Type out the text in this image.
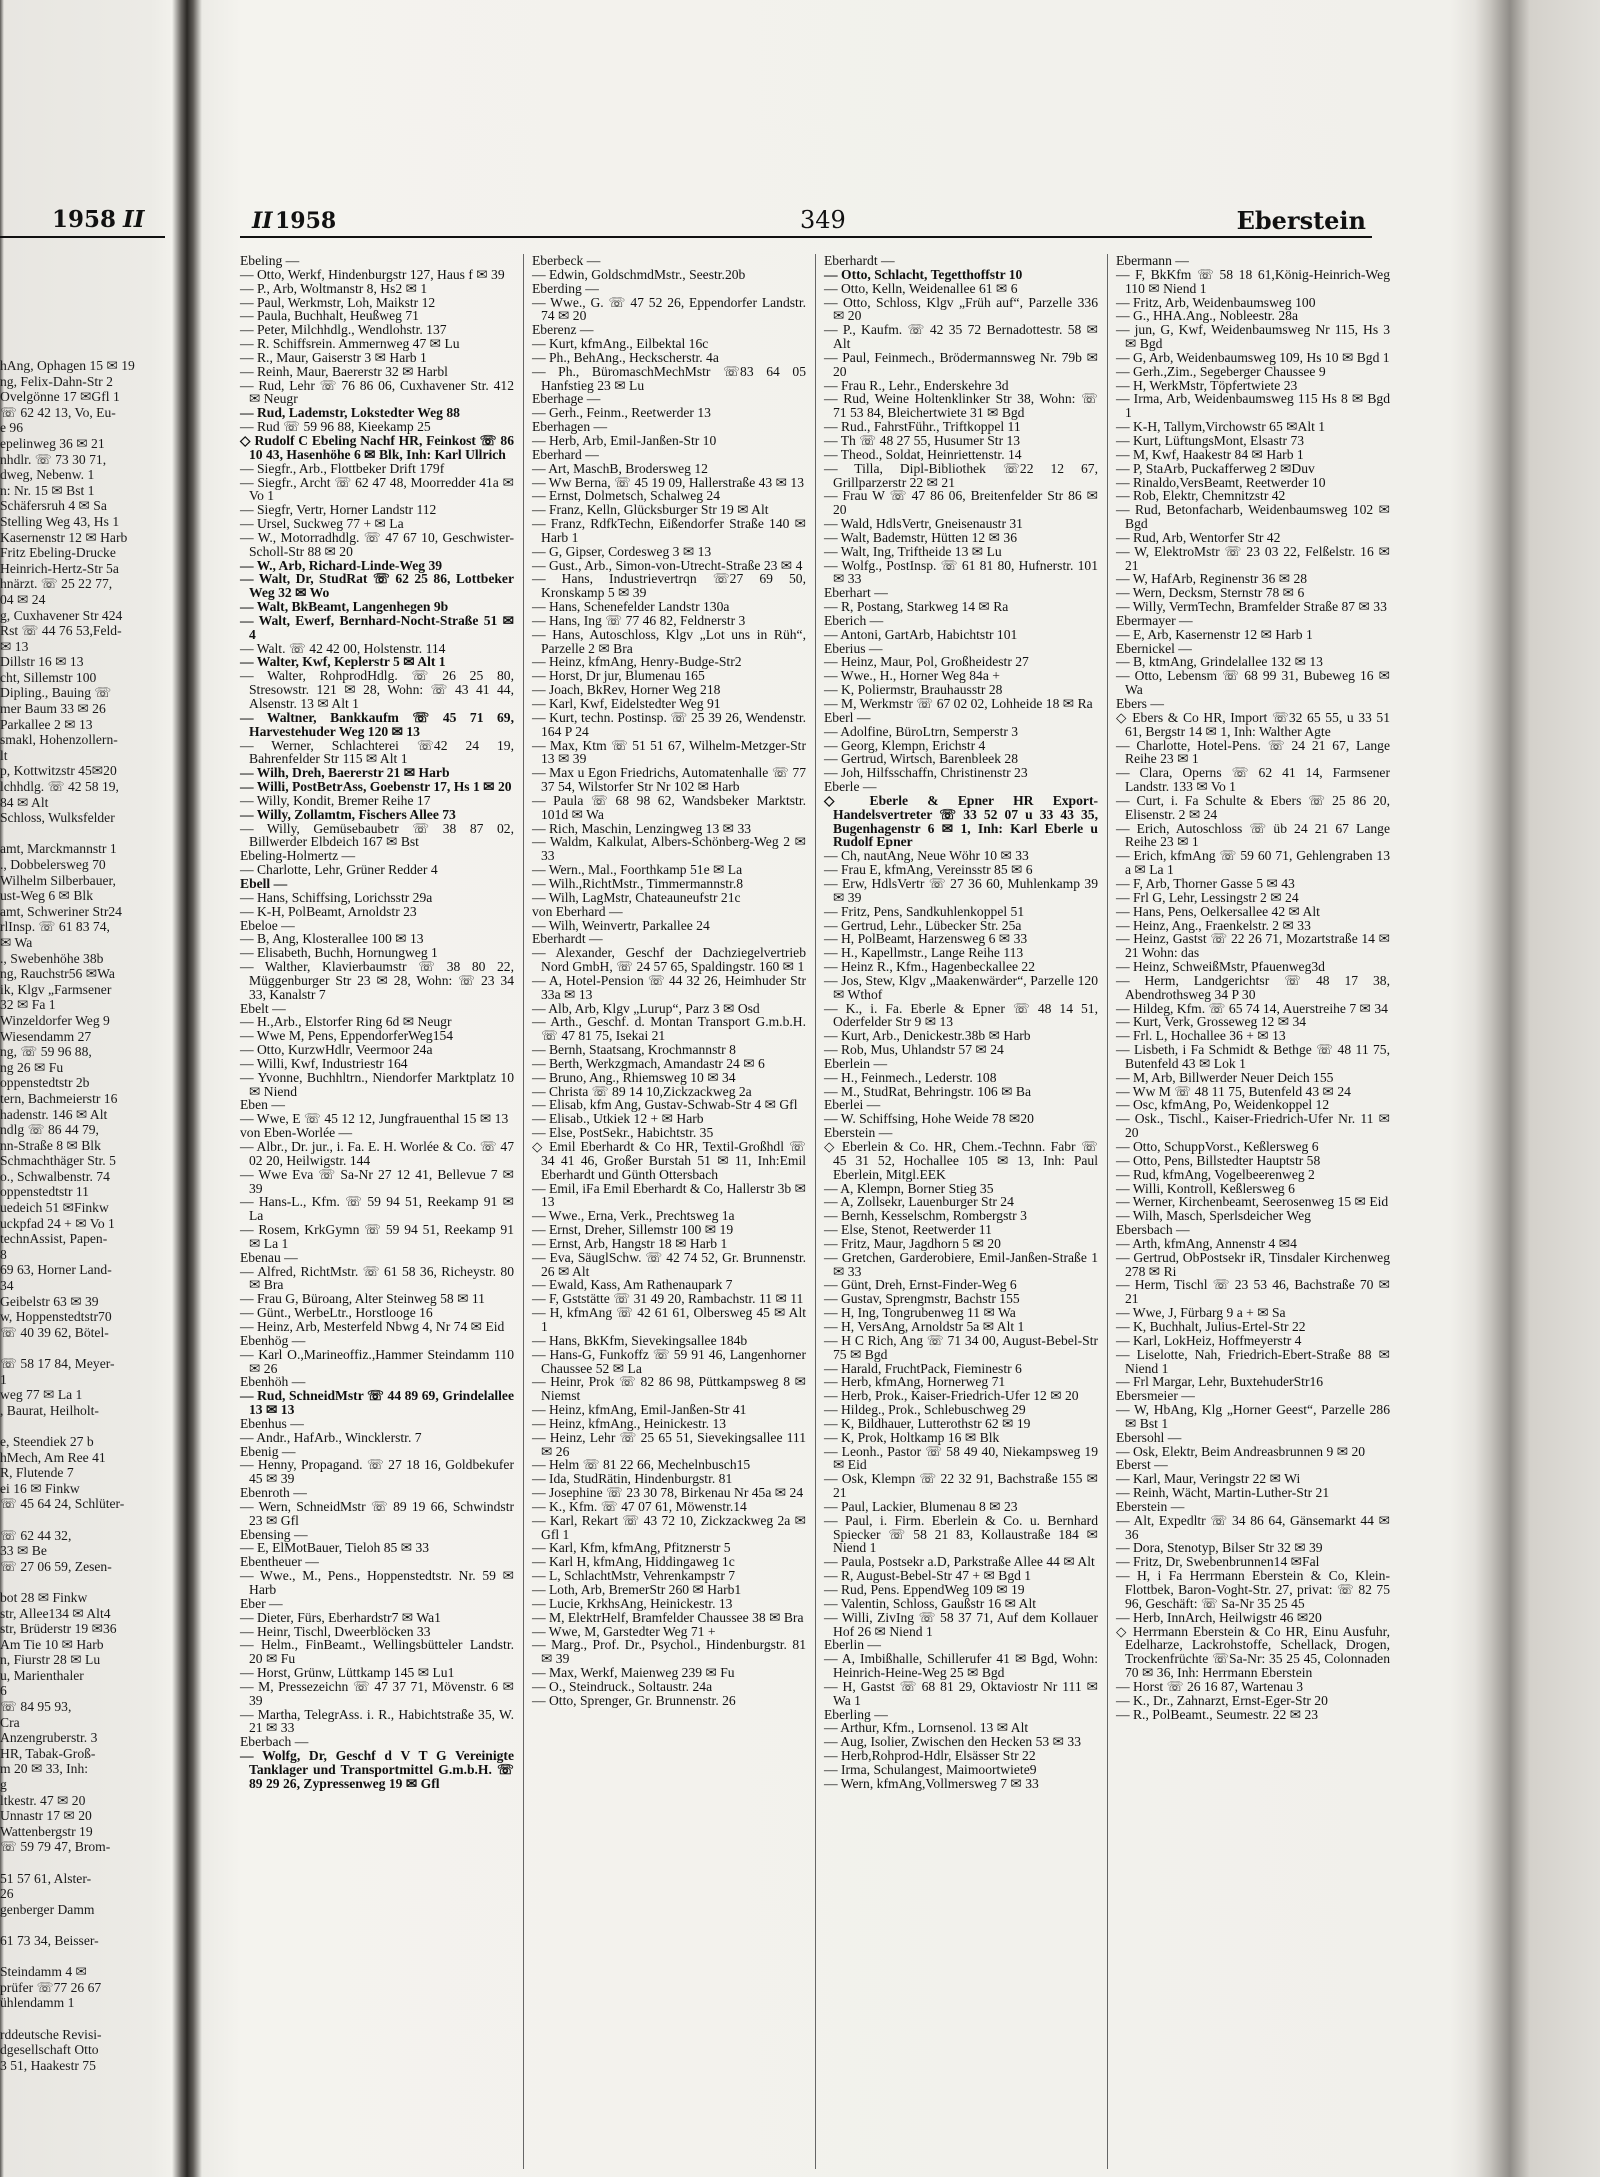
1958 II
hAng, Ophagen 15 ✉ 19
ng, Felix-Dahn-Str 2
Ovelgönne 17 ✉Gfl 1
☏ 62 42 13, Vo, Eu-
e 96
epelinweg 36 ✉ 21
nhdlr. ☏ 73 30 71,
dweg, Nebenw. 1
n: Nr. 15 ✉ Bst 1
Schäfersruh 4 ✉ Sa
Stelling Weg 43, Hs 1
Kasernenstr 12 ✉ Harb
Fritz Ebeling-Drucke
Heinrich-Hertz-Str 5a
hnärzt. ☏ 25 22 77,
04 ✉ 24
g, Cuxhavener Str 424
Rst ☏ 44 76 53,Feld-
✉ 13
Dillstr 16 ✉ 13
cht, Sillemstr 100
Dipling., Bauing ☏
mer Baum 33 ✉ 26
Parkallee 2 ✉ 13
smakl, Hohenzollern-
lt
p, Kottwitzstr 45✉20
lchhdlg. ☏ 42 58 19,
84 ✉ Alt
Schloss, Wulksfelder

amt, Marckmannstr 1
., Dobbelersweg 70
Wilhelm Silberbauer,
ust-Weg 6 ✉ Blk
amt, Schweriner Str24
rlInsp. ☏ 61 83 74,
✉ Wa
., Swebenhöhe 38b
ng, Rauchstr56 ✉Wa
ik, Klgv „Farmsener
32 ✉ Fa 1
Winzeldorfer Weg 9
Wiesendamm 27
ng, ☏ 59 96 88,
ng 26 ✉ Fu
oppenstedtstr 2b
tern, Bachmeierstr 16
hadenstr. 146 ✉ Alt
ndlg ☏ 86 44 79,
nn-Straße 8 ✉ Blk
Schmachthäger Str. 5
o., Schwalbenstr. 74
oppenstedtstr 11
uedeich 51 ✉Finkw
uckpfad 24 + ✉ Vo 1
technAssist, Papen-
8
69 63, Horner Land-
34
Geibelstr 63 ✉ 39
w, Hoppenstedtstr70
☏ 40 39 62, Bötel-

☏ 58 17 84, Meyer-
1
weg 77 ✉ La 1
, Baurat, Heilholt-

e, Steendiek 27 b
hMech, Am Ree 41
R, Flutende 7
ei 16 ✉ Finkw
☏ 45 64 24, Schlüter-

☏ 62 44 32,
33 ✉ Be
☏ 27 06 59, Zesen-

bot 28 ✉ Finkw
str, Allee134 ✉ Alt4
str, Brüderstr 19 ✉36
Am Tie 10 ✉ Harb
n, Fiurstr 28 ✉ Lu
u, Marienthaler
6
☏ 84 95 93,
Cra
Anzengruberstr. 3
HR, Tabak-Groß-
m 20 ✉ 33, Inh:
g
ltkestr. 47 ✉ 20
Unnastr 17 ✉ 20
Wattenbergstr 19
☏ 59 79 47, Brom-

51 57 61, Alster-
26
genberger Damm

61 73 34, Beisser-

Steindamm 4 ✉
prüfer ☏77 26 67
ühlendamm 1

rddeutsche Revisi-
dgesellschaft Otto
3 51, Haakestr 75
II 1958	349	Eberstein
Ebeling —
— Otto, Werkf, Hindenburgstr 127, Haus f ✉ 39
— P., Arb, Woltmanstr 8, Hs2 ✉ 1
— Paul, Werkmstr, Loh, Maikstr 12
— Paula, Buchhalt, Heußweg 71
— Peter, Milchhdlg., Wendlohstr. 137
— R. Schiffsrein. Ammernweg 47 ✉ Lu
— R., Maur, Gaiserstr 3 ✉ Harb 1
— Reinh, Maur, Baererstr 32 ✉ Harbl
— Rud, Lehr ☏ 76 86 06, Cuxhavener Str. 412 ✉ Neugr
— Rud, Lademstr, Lokstedter Weg 88
— Rud ☏ 59 96 88, Kieekamp 25
◇ Rudolf C Ebeling Nachf HR, Feinkost ☏ 86 10 43, Hasenhöhe 6 ✉ Blk, Inh: Karl Ullrich
— Siegfr., Arb., Flottbeker Drift 179f
— Siegfr., Archt ☏ 62 47 48, Moorredder 41a ✉ Vo 1
— Siegfr, Vertr, Horner Landstr 112
— Ursel, Suckweg 77 + ✉ La
— W., Motorradhdlg. ☏ 47 67 10, Geschwister-Scholl-Str 88 ✉ 20
— W., Arb, Richard-Linde-Weg 39
— Walt, Dr, StudRat ☏ 62 25 86, Lottbeker Weg 32 ✉ Wo
— Walt, BkBeamt, Langenhegen 9b
— Walt, Ewerf, Bernhard-Nocht-Straße 51 ✉ 4
— Walt. ☏ 42 42 00, Holstenstr. 114
— Walter, Kwf, Keplerstr 5 ✉ Alt 1
— Walter, RohprodHdlg. ☏ 26 25 80, Stresowstr. 121 ✉ 28, Wohn: ☏ 43 41 44, Alsenstr. 13 ✉ Alt 1
— Waltner, Bankkaufm ☏ 45 71 69, Harvestehuder Weg 120 ✉ 13
— Werner, Schlachterei ☏42 24 19, Bahrenfelder Str 115 ✉ Alt 1
— Wilh, Dreh, Baererstr 21 ✉ Harb
— Willi, PostBetrAss, Goebenstr 17, Hs 1 ✉ 20
— Willy, Kondit, Bremer Reihe 17
— Willy, Zollamtm, Fischers Allee 73
— Willy, Gemüsebaubetr ☏ 38 87 02, Billwerder Elbdeich 167 ✉ Bst
Ebeling-Holmertz —
— Charlotte, Lehr, Grüner Redder 4
Ebell —
— Hans, Schiffsing, Lorichsstr 29a
— K-H, PolBeamt, Arnoldstr 23
Ebeloe —
— B, Ang, Klosterallee 100 ✉ 13
— Elisabeth, Buchh, Hornungweg 1
— Walther, Klavierbaumstr ☏ 38 80 22, Müggenburger Str 23 ✉ 28, Wohn: ☏ 23 34 33, Kanalstr 7
Ebelt —
— H.,Arb., Elstorfer Ring 6d ✉ Neugr
— Wwe M, Pens, EppendorferWeg154
— Otto, KurzwHdlr, Veermoor 24a
— Willi, Kwf, Industriestr 164
— Yvonne, Buchhltrn., Niendorfer Marktplatz 10 ✉ Niend
Eben —
— Wwe, E ☏ 45 12 12, Jungfrauenthal 15 ✉ 13
von Eben-Worlée —
— Albr., Dr. jur., i. Fa. E. H. Worlée & Co. ☏ 47 02 20, Heilwigstr. 144
— Wwe Eva ☏ Sa-Nr 27 12 41, Bellevue 7 ✉ 39
— Hans-L., Kfm. ☏ 59 94 51, Reekamp 91 ✉ La
— Rosem, KrkGymn ☏ 59 94 51, Reekamp 91 ✉ La 1
Ebenau —
— Alfred, RichtMstr. ☏ 61 58 36, Richeystr. 80 ✉ Bra
— Frau G, Büroang, Alter Steinweg 58 ✉ 11
— Günt., WerbeLtr., Horstlooge 16
— Heinz, Arb, Mesterfeld Nbwg 4, Nr 74 ✉ Eid
Ebenhög —
— Karl O.,Marineoffiz.,Hammer Steindamm 110 ✉ 26
Ebenhöh —
— Rud, SchneidMstr ☏ 44 89 69, Grindelallee 13 ✉ 13
Ebenhus —
— Andr., HafArb., Wincklerstr. 7
Ebenig —
— Henny, Propagand. ☏ 27 18 16, Goldbekufer 45 ✉ 39
Ebenroth —
— Wern, SchneidMstr ☏ 89 19 66, Schwindstr 23 ✉ Gfl
Ebensing —
— E, ElMotBauer, Tieloh 85 ✉ 33
Ebentheuer —
— Wwe., M., Pens., Hoppenstedtstr. Nr. 59 ✉ Harb
Eber —
— Dieter, Fürs, Eberhardstr7 ✉ Wa1
— Heinr, Tischl, Dweerblöcken 33
— Helm., FinBeamt., Wellingsbütteler Landstr. 20 ✉ Fu
— Horst, Grünw, Lüttkamp 145 ✉ Lu1
— M, Pressezeichn ☏ 47 37 71, Mövenstr. 6 ✉ 39
— Martha, TelegrAss. i. R., Habichtstraße 35, W. 21 ✉ 33
Eberbach —
— Wolfg, Dr, Geschf d V T G Vereinigte Tanklager und Transportmittel G.m.b.H. ☏ 89 29 26, Zypressenweg 19 ✉ Gfl
Eberbeck —
— Edwin, GoldschmdMstr., Seestr.20b
Eberding —
— Wwe., G. ☏ 47 52 26, Eppendorfer Landstr. 74 ✉ 20
Eberenz —
— Kurt, kfmAng., Eilbektal 16c
— Ph., BehAng., Heckscherstr. 4a
— Ph., BüromaschMechMstr ☏83 64 05 Hanfstieg 23 ✉ Lu
Eberhage —
— Gerh., Feinm., Reetwerder 13
Eberhagen —
— Herb, Arb, Emil-Janßen-Str 10
Eberhard —
— Art, MaschB, Brodersweg 12
— Ww Berna, ☏ 45 19 09, Hallerstraße 43 ✉ 13
— Ernst, Dolmetsch, Schalweg 24
— Franz, Kelln, Glücksburger Str 19 ✉ Alt
— Franz, RdfkTechn, Eißendorfer Straße 140 ✉ Harb 1
— G, Gipser, Cordesweg 3 ✉ 13
— Gust., Arb., Simon-von-Utrecht-Straße 23 ✉ 4
— Hans, Industrievertrqn ☏27 69 50, Kronskamp 5 ✉ 39
— Hans, Schenefelder Landstr 130a
— Hans, Ing ☏ 77 46 82, Feldnerstr 3
— Hans, Autoschloss, Klgv „Lot uns in Rüh“, Parzelle 2 ✉ Bra
— Heinz, kfmAng, Henry-Budge-Str2
— Horst, Dr jur, Blumenau 165
— Joach, BkRev, Horner Weg 218
— Karl, Kwf, Eidelstedter Weg 91
— Kurt, techn. Postinsp. ☏ 25 39 26, Wendenstr. 164 P 24
— Max, Ktm ☏ 51 51 67, Wilhelm-Metzger-Str 13 ✉ 39
— Max u Egon Friedrichs, Automatenhalle ☏ 77 37 54, Wilstorfer Str Nr 102 ✉ Harb
— Paula ☏ 68 98 62, Wandsbeker Marktstr. 101d ✉ Wa
— Rich, Maschin, Lenzingweg 13 ✉ 33
— Waldm, Kalkulat, Albers-Schönberg-Weg 2 ✉ 33
— Wern., Mal., Foorthkamp 51e ✉ La
— Wilh.,RichtMstr., Timmermannstr.8
— Wilh, LagMstr, Chateauneufstr 21c
von Eberhard —
— Wilh, Weinvertr, Parkallee 24
Eberhardt —
— Alexander, Geschf der Dachziegelvertrieb Nord GmbH, ☏ 24 57 65, Spaldingstr. 160 ✉ 1
— A, Hotel-Pension ☏ 44 32 26, Heimhuder Str 33a ✉ 13
— Alb, Arb, Klgv „Lurup“, Parz 3 ✉ Osd
— Arth., Geschf. d. Montan Transport G.m.b.H. ☏ 47 81 75, Isekai 21
— Bernh, Staatsang, Krochmannstr 8
— Berth, Werkzgmach, Amandastr 24 ✉ 6
— Bruno, Ang., Rhiemsweg 10 ✉ 34
— Christa ☏ 89 14 10,Zickzackweg 2a
— Elisab, kfm Ang, Gustav-Schwab-Str 4 ✉ Gfl
— Elisab., Utkiek 12 + ✉ Harb
— Else, PostSekr., Habichtstr. 35
◇ Emil Eberhardt & Co HR, Textil-Großhdl ☏ 34 41 46, Großer Burstah 51 ✉ 11, Inh:Emil Eberhardt und Günth Ottersbach
— Emil, iFa Emil Eberhardt & Co, Hallerstr 3b ✉ 13
— Wwe., Erna, Verk., Prechtsweg 1a
— Ernst, Dreher, Sillemstr 100 ✉ 19
— Ernst, Arb, Hangstr 18 ✉ Harb 1
— Eva, SäuglSchw. ☏ 42 74 52, Gr. Brunnenstr. 26 ✉ Alt
— Ewald, Kass, Am Rathenaupark 7
— F, Gststätte ☏ 31 49 20, Rambachstr. 11 ✉ 11
— H, kfmAng ☏ 42 61 61, Olbersweg 45 ✉ Alt 1
— Hans, BkKfm, Sievekingsallee 184b
— Hans-G, Funkoffz ☏ 59 91 46, Langenhorner Chaussee 52 ✉ La
— Heinr, Prok ☏ 82 86 98, Püttkampsweg 8 ✉ Niemst
— Heinz, kfmAng, Emil-Janßen-Str 41
— Heinz, kfmAng., Heinickestr. 13
— Heinz, Lehr ☏ 25 65 51, Sievekingsallee 111 ✉ 26
— Helm ☏ 81 22 66, Mechelnbusch15
— Ida, StudRätin, Hindenburgstr. 81
— Josephine ☏ 23 30 78, Birkenau Nr 45a ✉ 24
— K., Kfm. ☏ 47 07 61, Möwenstr.14
— Karl, Rekart ☏ 43 72 10, Zickzackweg 2a ✉ Gfl 1
— Karl, Kfm, kfmAng, Pfitznerstr 5
— Karl H, kfmAng, Hiddingaweg 1c
— L, SchlachtMstr, Vehrenkampstr 7
— Loth, Arb, BremerStr 260 ✉ Harb1
— Lucie, KrkhsAng, Heinickestr. 13
— M, ElektrHelf, Bramfelder Chaussee 38 ✉ Bra
— Wwe, M, Garstedter Weg 71 +
— Marg., Prof. Dr., Psychol., Hindenburgstr. 81 ✉ 39
— Max, Werkf, Maienweg 239 ✉ Fu
— O., Steindruck., Soltaustr. 24a
— Otto, Sprenger, Gr. Brunnenstr. 26
Eberhardt —
— Otto, Schlacht, Tegetthoffstr 10
— Otto, Kelln, Weidenallee 61 ✉ 6
— Otto, Schloss, Klgv „Früh auf“, Parzelle 336 ✉ 20
— P., Kaufm. ☏ 42 35 72 Bernadottestr. 58 ✉ Alt
— Paul, Feinmech., Brödermannsweg Nr. 79b ✉ 20
— Frau R., Lehr., Enderskehre 3d
— Rud, Weine Holtenklinker Str 38, Wohn: ☏ 71 53 84, Bleichertwiete 31 ✉ Bgd
— Rud., FahrstFühr., Triftkoppel 11
— Th ☏ 48 27 55, Husumer Str 13
— Theod., Soldat, Heinriettenstr. 14
— Tilla, Dipl-Bibliothek ☏22 12 67, Grillparzerstr 22 ✉ 21
— Frau W ☏ 47 86 06, Breitenfelder Str 86 ✉ 20
— Wald, HdlsVertr, Gneisenaustr 31
— Walt, Bademstr, Hütten 12 ✉ 36
— Walt, Ing, Triftheide 13 ✉ Lu
— Wolfg., PostInsp. ☏ 61 81 80, Hufnerstr. 101 ✉ 33
Eberhart —
— R, Postang, Starkweg 14 ✉ Ra
Eberich —
— Antoni, GartArb, Habichtstr 101
Eberius —
— Heinz, Maur, Pol, Großheidestr 27
— Wwe., H., Horner Weg 84a +
— K, Poliermstr, Brauhausstr 28
— M, Werkmstr ☏ 67 02 02, Lohheide 18 ✉ Ra
Eberl —
— Adolfine, BüroLtrn, Semperstr 3
— Georg, Klempn, Erichstr 4
— Gertrud, Wirtsch, Barenbleek 28
— Joh, Hilfsschaffn, Christinenstr 23
Eberle —
◇ Eberle & Epner HR Export-Handelsvertreter ☏ 33 52 07 u 33 43 35, Bugenhagenstr 6 ✉ 1, Inh: Karl Eberle u Rudolf Epner
— Ch, nautAng, Neue Wöhr 10 ✉ 33
— Frau E, kfmAng, Vereinsstr 85 ✉ 6
— Erw, HdlsVertr ☏ 27 36 60, Muhlenkamp 39 ✉ 39
— Fritz, Pens, Sandkuhlenkoppel 51
— Gertrud, Lehr., Lübecker Str. 25a
— H, PolBeamt, Harzensweg 6 ✉ 33
— H., Kapellmstr., Lange Reihe 113
— Heinz R., Kfm., Hagenbeckallee 22
— Jos, Stew, Klgv „Maakenwärder“, Parzelle 120 ✉ Wthof
— K., i. Fa. Eberle & Epner ☏ 48 14 51, Oderfelder Str 9 ✉ 13
— Kurt, Arb., Denickestr.38b ✉ Harb
— Rob, Mus, Uhlandstr 57 ✉ 24
Eberlein —
— H., Feinmech., Lederstr. 108
— M., StudRat, Behringstr. 106 ✉ Ba
Eberlei —
— W. Schiffsing, Hohe Weide 78 ✉20
Eberstein —
◇ Eberlein & Co. HR, Chem.-Technn. Fabr ☏ 45 31 52, Hochallee 105 ✉ 13, Inh: Paul Eberlein, Mitgl.EEK
— A, Klempn, Borner Stieg 35
— A, Zollsekr, Lauenburger Str 24
— Bernh, Kesselschm, Rombergstr 3
— Else, Stenot, Reetwerder 11
— Fritz, Maur, Jagdhorn 5 ✉ 20
— Gretchen, Garderobiere, Emil-Janßen-Straße 1 ✉ 33
— Günt, Dreh, Ernst-Finder-Weg 6
— Gustav, Sprengmstr, Bachstr 155
— H, Ing, Tongrubenweg 11 ✉ Wa
— H, VersAng, Arnoldstr 5a ✉ Alt 1
— H C Rich, Ang ☏ 71 34 00, August-Bebel-Str 75 ✉ Bgd
— Harald, FruchtPack, Fieminestr 6
— Herb, kfmAng, Hornerweg 71
— Herb, Prok., Kaiser-Friedrich-Ufer 12 ✉ 20
— Hildeg., Prok., Schlebuschweg 29
— K, Bildhauer, Lutterothstr 62 ✉ 19
— K, Prok, Holtkamp 16 ✉ Blk
— Leonh., Pastor ☏ 58 49 40, Niekampsweg 19 ✉ Eid
— Osk, Klempn ☏ 22 32 91, Bachstraße 155 ✉ 21
— Paul, Lackier, Blumenau 8 ✉ 23
— Paul, i. Firm. Eberlein & Co. u. Bernhard Spiecker ☏ 58 21 83, Kollaustraße 184 ✉ Niend 1
— Paula, Postsekr a.D, Parkstraße Allee 44 ✉ Alt
— R, August-Bebel-Str 47 + ✉ Bgd 1
— Rud, Pens. EppendWeg 109 ✉ 19
— Valentin, Schloss, Gaußstr 16 ✉ Alt
— Willi, ZivIng ☏ 58 37 71, Auf dem Kollauer Hof 26 ✉ Niend 1
Eberlin —
— A, Imbißhalle, Schillerufer 41 ✉ Bgd, Wohn: Heinrich-Heine-Weg 25 ✉ Bgd
— H, Gastst ☏ 68 81 29, Oktaviostr Nr 111 ✉ Wa 1
Eberling —
— Arthur, Kfm., Lornsenol. 13 ✉ Alt
— Aug, Isolier, Zwischen den Hecken 53 ✉ 33
— Herb,Rohprod-Hdlr, Elsässer Str 22
— Irma, Schulangest, Maimoortwiete9
— Wern, kfmAng,Vollmersweg 7 ✉ 33
Ebermann —
— F, BkKfm ☏ 58 18 61,König-Heinrich-Weg 110 ✉ Niend 1
— Fritz, Arb, Weidenbaumsweg 100
— G., HHA.Ang., Nobleestr. 28a
— jun, G, Kwf, Weidenbaumsweg Nr 115, Hs 3 ✉ Bgd
— G, Arb, Weidenbaumsweg 109, Hs 10 ✉ Bgd 1
— Gerh.,Zim., Segeberger Chaussee 9
— H, WerkMstr, Töpfertwiete 23
— Irma, Arb, Weidenbaumsweg 115 Hs 8 ✉ Bgd 1
— K-H, Tallym,Virchowstr 65 ✉Alt 1
— Kurt, LüftungsMont, Elsastr 73
— M, Kwf, Haakestr 84 ✉ Harb 1
— P, StaArb, Puckafferweg 2 ✉Duv
— Rinaldo,VersBeamt, Reetwerder 10
— Rob, Elektr, Chemnitzstr 42
— Rud, Betonfacharb, Weidenbaumsweg 102 ✉ Bgd
— Rud, Arb, Wentorfer Str 42
— W, ElektroMstr ☏ 23 03 22, Felßelstr. 16 ✉ 21
— W, HafArb, Reginenstr 36 ✉ 28
— Wern, Decksm, Sternstr 78 ✉ 6
— Willy, VermTechn, Bramfelder Straße 87 ✉ 33
Ebermayer —
— E, Arb, Kasernenstr 12 ✉ Harb 1
Ebernickel —
— B, ktmAng, Grindelallee 132 ✉ 13
— Otto, Lebensm ☏ 68 99 31, Bubeweg 16 ✉ Wa
Ebers —
◇ Ebers & Co HR, Import ☏32 65 55, u 33 51 61, Bergstr 14 ✉ 1, Inh: Walther Agte
— Charlotte, Hotel-Pens. ☏ 24 21 67, Lange Reihe 23 ✉ 1
— Clara, Operns ☏ 62 41 14, Farmsener Landstr. 133 ✉ Vo 1
— Curt, i. Fa Schulte & Ebers ☏ 25 86 20, Elisenstr. 2 ✉ 24
— Erich, Autoschloss ☏ üb 24 21 67 Lange Reihe 23 ✉ 1
— Erich, kfmAng ☏ 59 60 71, Gehlengraben 13 a ✉ La 1
— F, Arb, Thorner Gasse 5 ✉ 43
— Frl G, Lehr, Lessingstr 2 ✉ 24
— Hans, Pens, Oelkersallee 42 ✉ Alt
— Heinz, Ang., Fraenkelstr. 2 ✉ 33
— Heinz, Gastst ☏ 22 26 71, Mozartstraße 14 ✉ 21 Wohn: das
— Heinz, SchweißMstr, Pfauenweg3d
— Herm, Landgerichtsr ☏ 48 17 38, Abendrothsweg 34 P 30
— Hildeg, Kfm. ☏ 65 74 14, Auerstreihe 7 ✉ 34
— Kurt, Verk, Grosseweg 12 ✉ 34
— Frl. L, Hochallee 36 + ✉ 13
— Lisbeth, i Fa Schmidt & Bethge ☏ 48 11 75, Butenfeld 43 ✉ Lok 1
— M, Arb, Billwerder Neuer Deich 155
— Ww M ☏ 48 11 75, Butenfeld 43 ✉ 24
— Osc, kfmAng, Po, Weidenkoppel 12
— Osk., Tischl., Kaiser-Friedrich-Ufer Nr. 11 ✉ 20
— Otto, SchuppVorst., Keßlersweg 6
— Otto, Pens, Billstedter Hauptstr 58
— Rud, kfmAng, Vogelbeerenweg 2
— Willi, Kontroll, Keßlersweg 6
— Werner, Kirchenbeamt, Seerosenweg 15 ✉ Eid
— Wilh, Masch, Sperlsdeicher Weg
Ebersbach —
— Arth, kfmAng, Annenstr 4 ✉4
— Gertrud, ObPostsekr iR, Tinsdaler Kirchenweg 278 ✉ Ri
— Herm, Tischl ☏ 23 53 46, Bachstraße 70 ✉ 21
— Wwe, J, Fürbarg 9 a + ✉ Sa
— K, Buchhalt, Julius-Ertel-Str 22
— Karl, LokHeiz, Hoffmeyerstr 4
— Liselotte, Nah, Friedrich-Ebert-Straße 88 ✉ Niend 1
— Frl Margar, Lehr, BuxtehuderStr16
Ebersmeier —
— W, HbAng, Klg „Horner Geest“, Parzelle 286 ✉ Bst 1
Ebersohl —
— Osk, Elektr, Beim Andreasbrunnen 9 ✉ 20
Eberst —
— Karl, Maur, Veringstr 22 ✉ Wi
— Reinh, Wächt, Martin-Luther-Str 21
Eberstein —
— Alt, Expedltr ☏ 34 86 64, Gänsemarkt 44 ✉ 36
— Dora, Stenotyp, Bilser Str 32 ✉ 39
— Fritz, Dr, Swebenbrunnen14 ✉Fal
— H, i Fa Herrmann Eberstein & Co, Klein-Flottbek, Baron-Voght-Str. 27, privat: ☏ 82 75 96, Geschäft: ☏ Sa-Nr 35 25 45
— Herb, InnArch, Heilwigstr 46 ✉20
◇ Herrmann Eberstein & Co HR, Einu Ausfuhr, Edelharze, Lackrohstoffe, Schellack, Drogen, Trockenfrüchte ☏Sa-Nr: 35 25 45, Colonnaden 70 ✉ 36, Inh: Herrmann Eberstein
— Horst ☏ 26 16 87, Wartenau 3
— K., Dr., Zahnarzt, Ernst-Eger-Str 20
— R., PolBeamt., Seumestr. 22 ✉ 23
